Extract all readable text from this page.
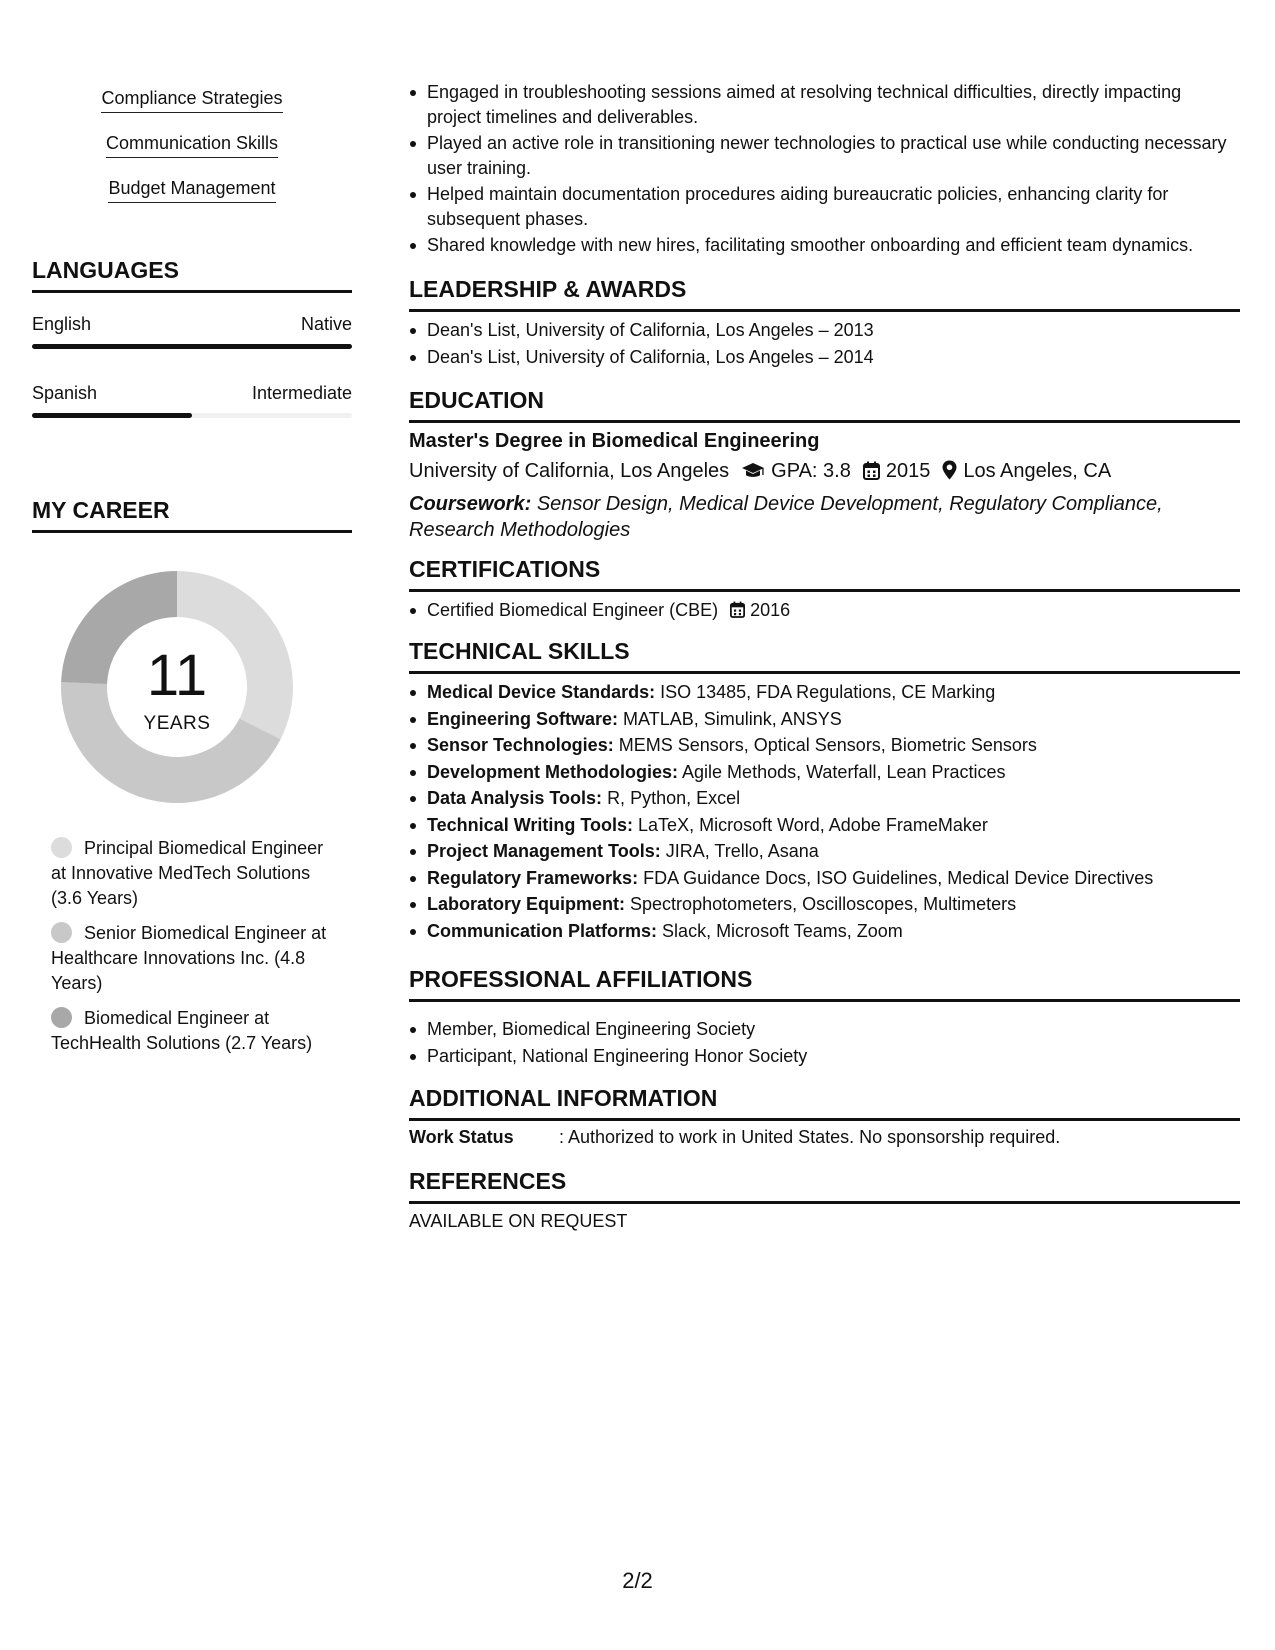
Compliance Strategies
Communication Skills
Budget Management
LANGUAGES
English	Native
Spanish	Intermediate
MY CAREER
11
YEARS
Principal Biomedical Engineer at Innovative MedTech Solutions (3.6 Years)
Senior Biomedical Engineer at Healthcare Innovations Inc. (4.8 Years)
Biomedical Engineer at TechHealth Solutions (2.7 Years)
Engaged in troubleshooting sessions aimed at resolving technical difficulties, directly impacting project timelines and deliverables.
Played an active role in transitioning newer technologies to practical use while conducting necessary user training.
Helped maintain documentation procedures aiding bureaucratic policies, enhancing clarity for subsequent phases.
Shared knowledge with new hires, facilitating smoother onboarding and efficient team dynamics.
LEADERSHIP & AWARDS
Dean's List, University of California, Los Angeles – 2013
Dean's List, University of California, Los Angeles – 2014
EDUCATION
Master's Degree in Biomedical Engineering
University of California, Los Angeles GPA: 3.8 2015 Los Angeles, CA
Coursework: Sensor Design, Medical Device Development, Regulatory Compliance, Research Methodologies
CERTIFICATIONS
Certified Biomedical Engineer (CBE) 2016
TECHNICAL SKILLS
Medical Device Standards: ISO 13485, FDA Regulations, CE Marking
Engineering Software: MATLAB, Simulink, ANSYS
Sensor Technologies: MEMS Sensors, Optical Sensors, Biometric Sensors
Development Methodologies: Agile Methods, Waterfall, Lean Practices
Data Analysis Tools: R, Python, Excel
Technical Writing Tools: LaTeX, Microsoft Word, Adobe FrameMaker
Project Management Tools: JIRA, Trello, Asana
Regulatory Frameworks: FDA Guidance Docs, ISO Guidelines, Medical Device Directives
Laboratory Equipment: Spectrophotometers, Oscilloscopes, Multimeters
Communication Platforms: Slack, Microsoft Teams, Zoom
PROFESSIONAL AFFILIATIONS
Member, Biomedical Engineering Society
Participant, National Engineering Honor Society
ADDITIONAL INFORMATION
Work Status	: Authorized to work in United States. No sponsorship required.
REFERENCES
AVAILABLE ON REQUEST
2/2
